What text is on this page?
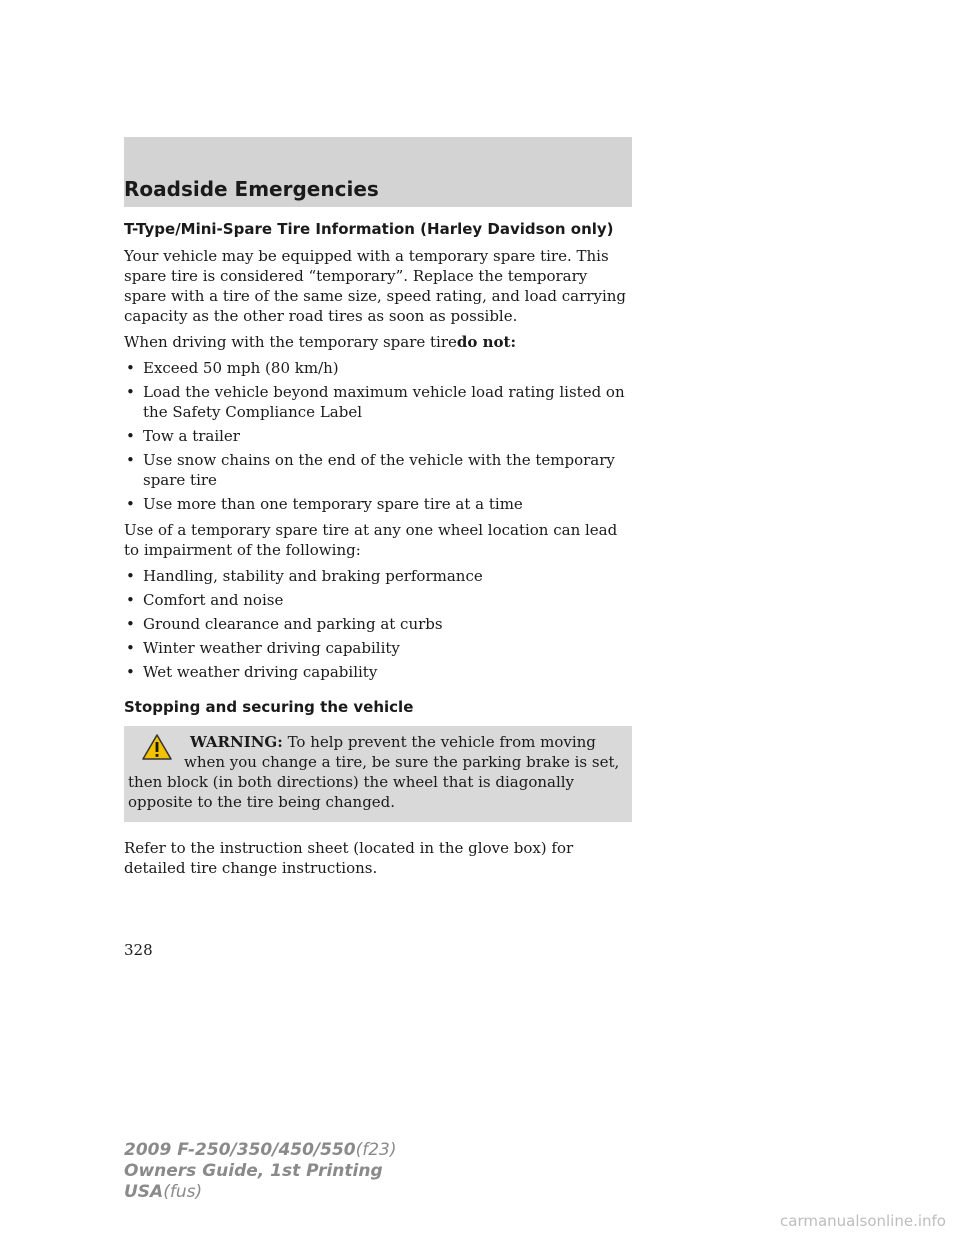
Roadside Emergencies
T-Type/Mini-Spare Tire Information (Harley Davidson only)

Your vehicle may be equipped with a temporary spare tire. This spare tire is considered “temporary”. Replace the temporary spare with a tire of the same size, speed rating, and load carrying capacity as the other road tires as soon as possible.

When driving with the temporary spare tiredo not:

• Exceed 50 mph (80 km/h)
• Load the vehicle beyond maximum vehicle load rating listed on the Safety Compliance Label
• Tow a trailer
• Use snow chains on the end of the vehicle with the temporary spare tire
• Use more than one temporary spare tire at a time

Use of a temporary spare tire at any one wheel location can lead to impairment of the following:

• Handling, stability and braking performance
• Comfort and noise
• Ground clearance and parking at curbs
• Winter weather driving capability
• Wet weather driving capability
Stopping and securing the vehicle
WARNING: To help prevent the vehicle from moving when you change a tire, be sure the parking brake is set, then block (in both directions) the wheel that is diagonally opposite to the tire being changed.

Refer to the instruction sheet (located in the glove box) for detailed tire change instructions.

328

2009 F-250/350/450/550(f23)
Owners Guide, 1st Printing
USA(fus)
carmanualsonline.info
